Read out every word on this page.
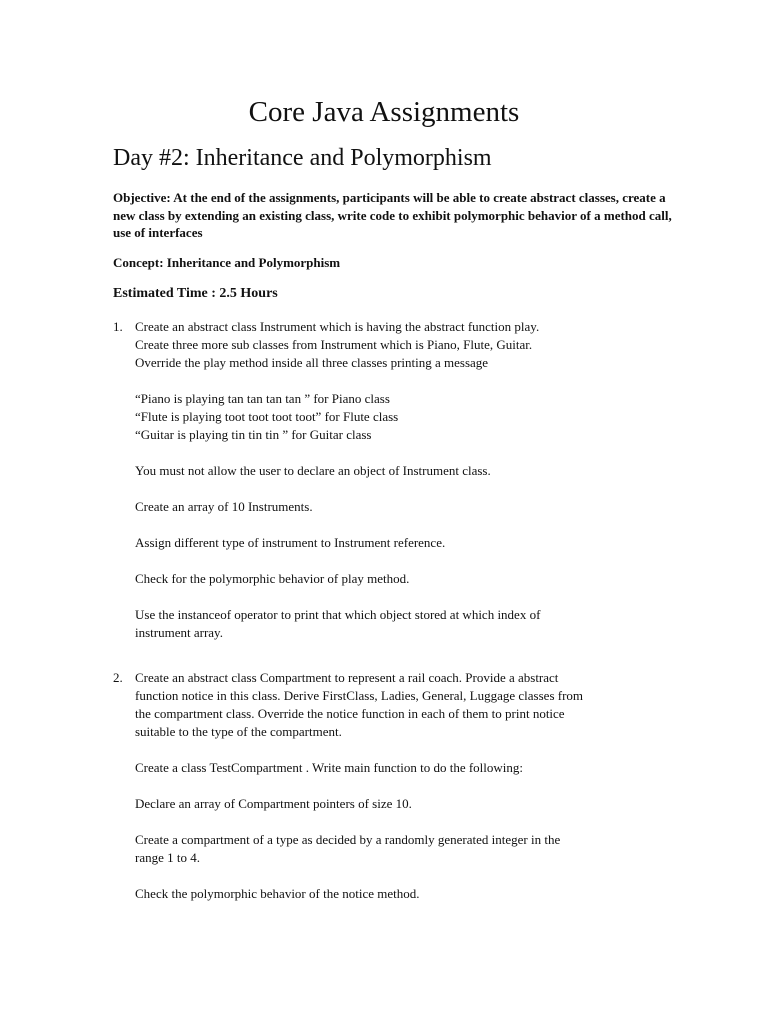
Core Java Assignments
Day #2: Inheritance and Polymorphism

Objective: At the end of the assignments, participants will be able to create abstract classes, create a new class by extending an existing class, write code to exhibit polymorphic behavior of a method call, use of interfaces

Concept: Inheritance and Polymorphism

Estimated Time : 2.5 Hours

1. Create an abstract class Instrument which is having the abstract function play.

Create three more sub classes from Instrument which is Piano, Flute, Guitar.

Override the play method inside all three classes printing a message

“Piano is playing tan tan tan tan ” for Piano class

“Flute is playing toot toot toot toot” for Flute class

“Guitar is playing tin tin tin ” for Guitar class

You must not allow the user to declare an object of Instrument class.

Create an array of 10 Instruments.

Assign different type of instrument to Instrument reference.

Check for the polymorphic behavior of play method.

Use the instanceof operator to print that which object stored at which index of

instrument array.

2. Create an abstract class Compartment to represent a rail coach. Provide a abstract

function notice in this class. Derive FirstClass, Ladies, General, Luggage classes from

the compartment class. Override the notice function in each of them to print notice

suitable to the type of the compartment.

Create a class TestCompartment . Write main function to do the following:

Declare an array of Compartment pointers of size 10.

Create a compartment of a type as decided by a randomly generated integer in the

range 1 to 4.

Check the polymorphic behavior of the notice method.
